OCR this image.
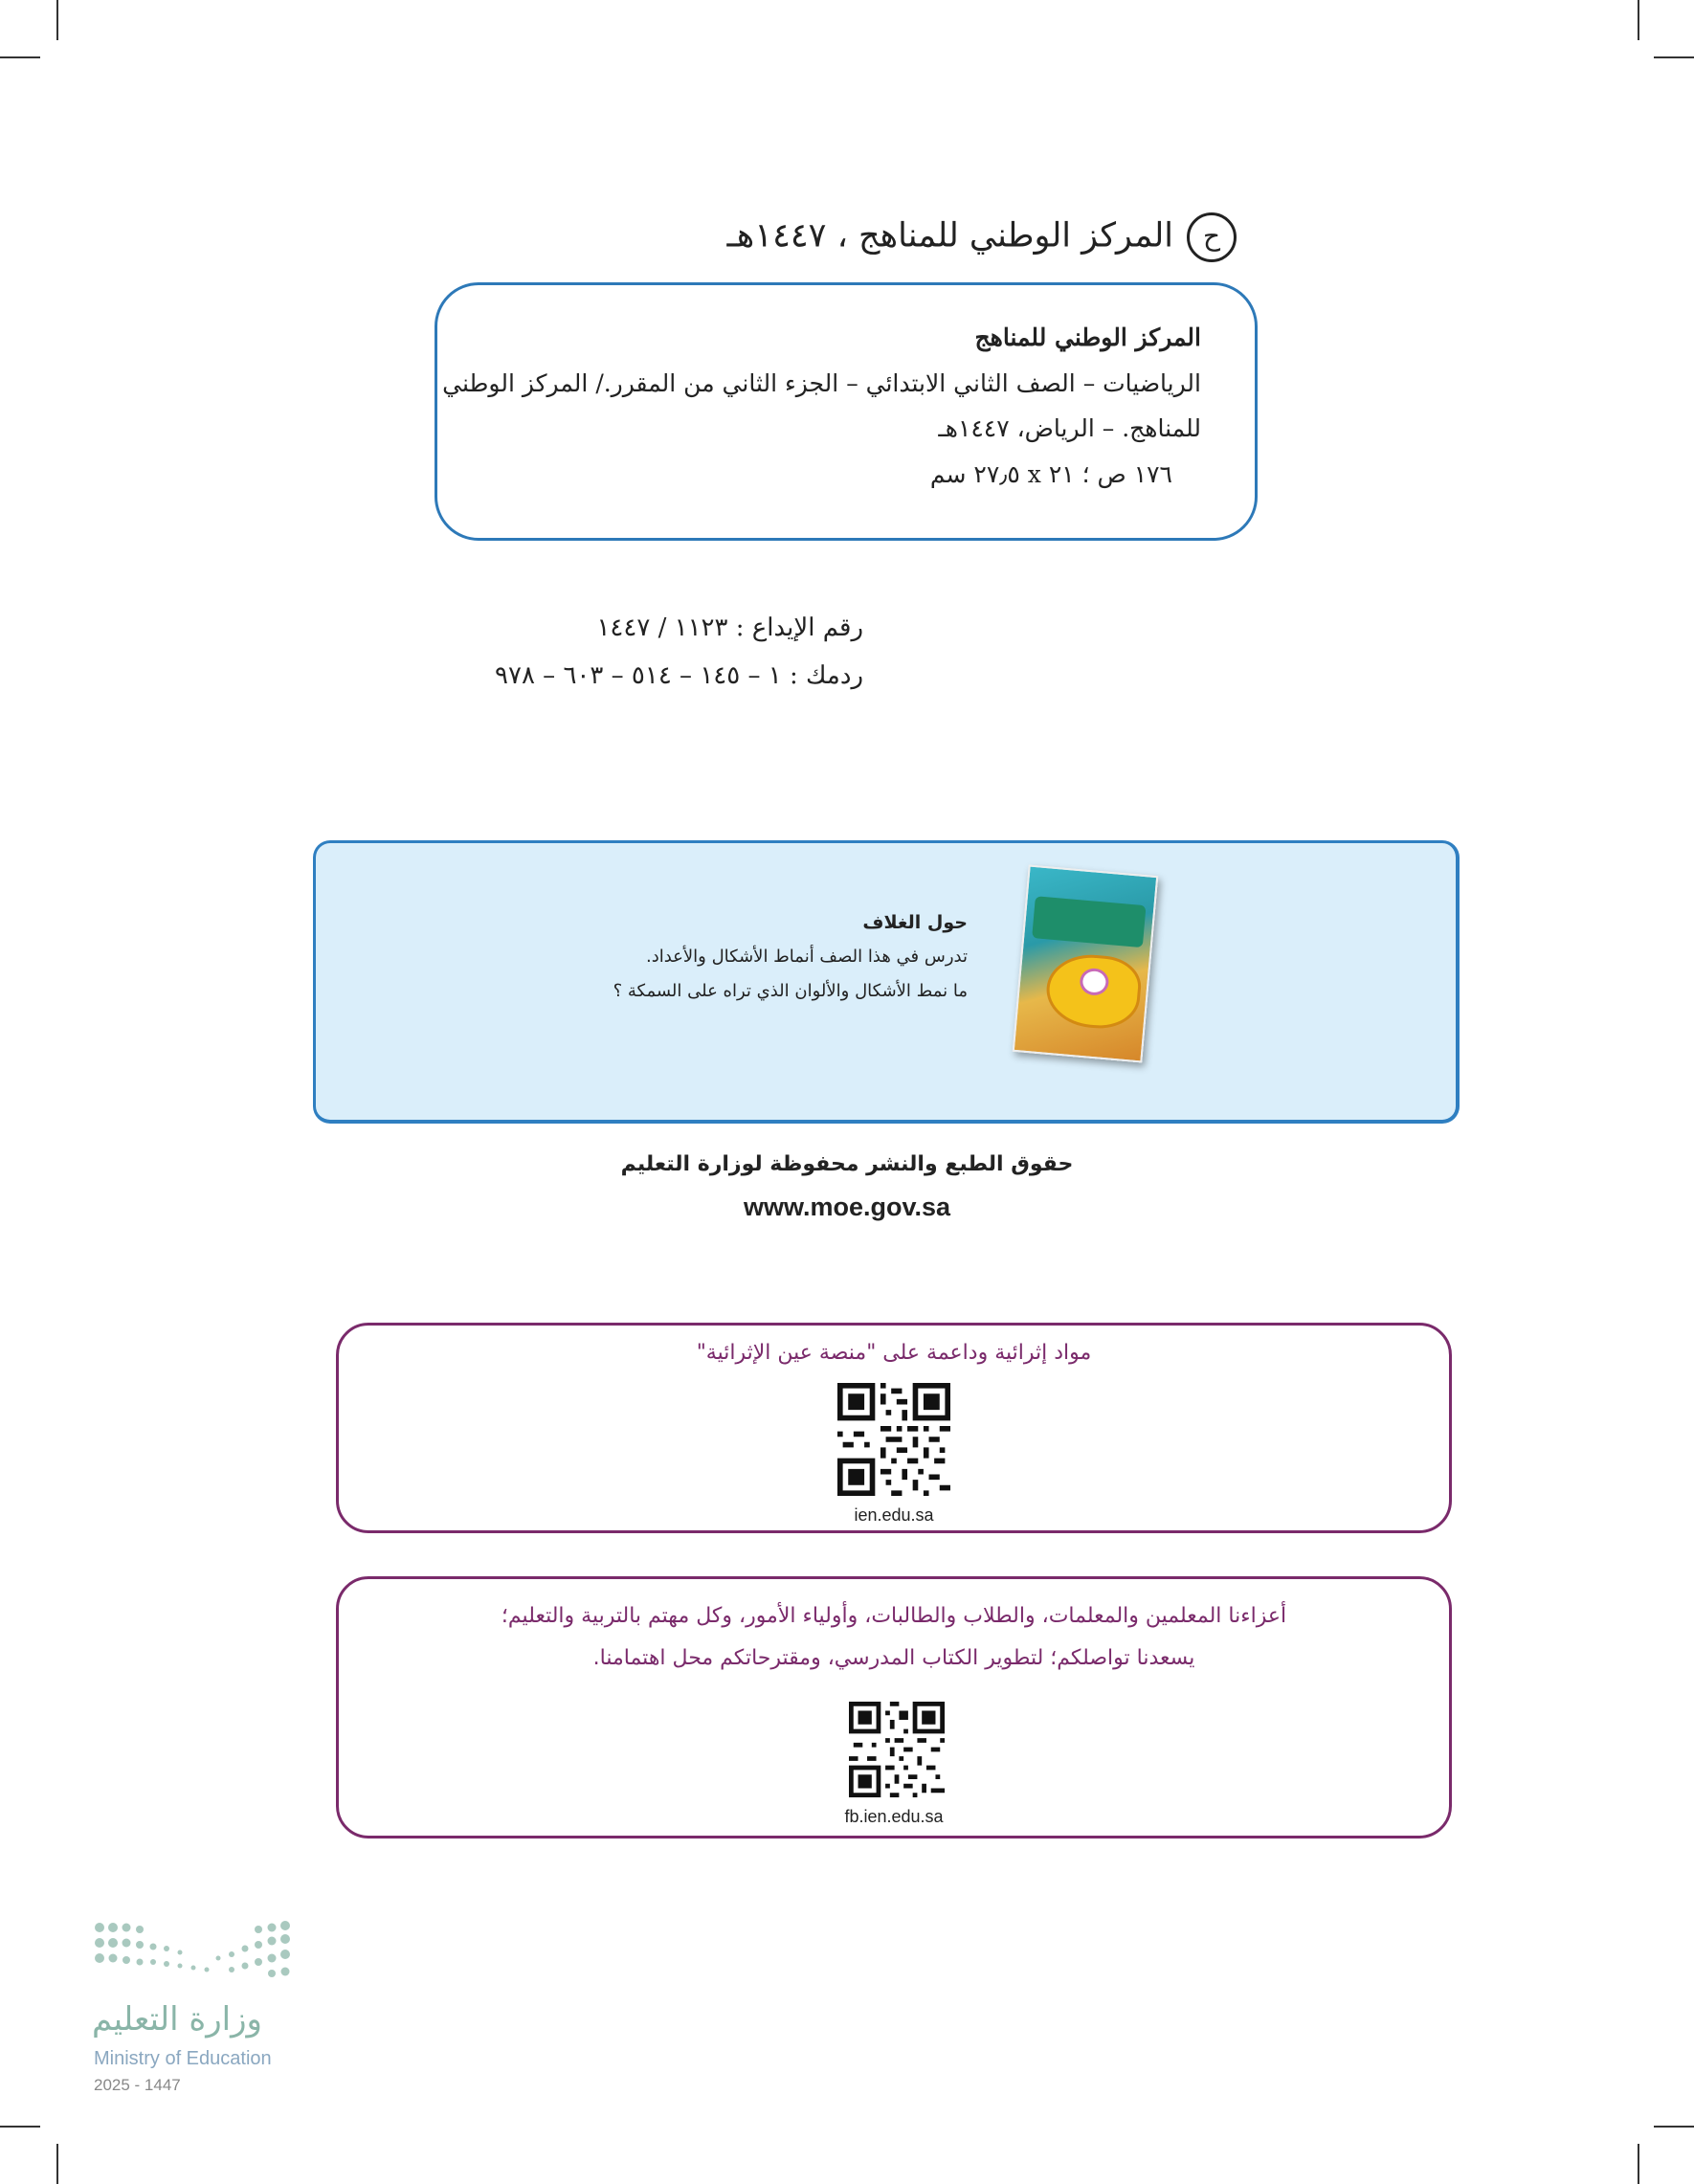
حالمركز الوطني للمناهج ، ١٤٤٧هـ
المركز الوطني للمناهج
الرياضيات – الصف الثاني الابتدائي – الجزء الثاني من المقرر./ المركز الوطني
للمناهج. – الرياض، ١٤٤٧هـ
١٧٦ ص ؛ ٢١ x ٢٧٫٥ سم
رقم الإيداع : ١١٢٣ / ١٤٤٧
ردمك : ١ – ١٤٥ – ٥١٤ – ٦٠٣ – ٩٧٨
حول الغلاف
تدرس في هذا الصف أنماط الأشكال والأعداد.
ما نمط الأشكال والألوان الذي تراه على السمكة ؟
حقوق الطبع والنشر محفوظة لوزارة التعليم
www.moe.gov.sa
مواد إثرائية وداعمة على "منصة عين الإثرائية"
ien.edu.sa
أعزاءنا المعلمين والمعلمات، والطلاب والطالبات، وأولياء الأمور، وكل مهتم بالتربية والتعليم؛
يسعدنا تواصلكم؛ لتطوير الكتاب المدرسي، ومقترحاتكم محل اهتمامنا.
fb.ien.edu.sa
وزارة التعليم
Ministry of Education
2025 - 1447
